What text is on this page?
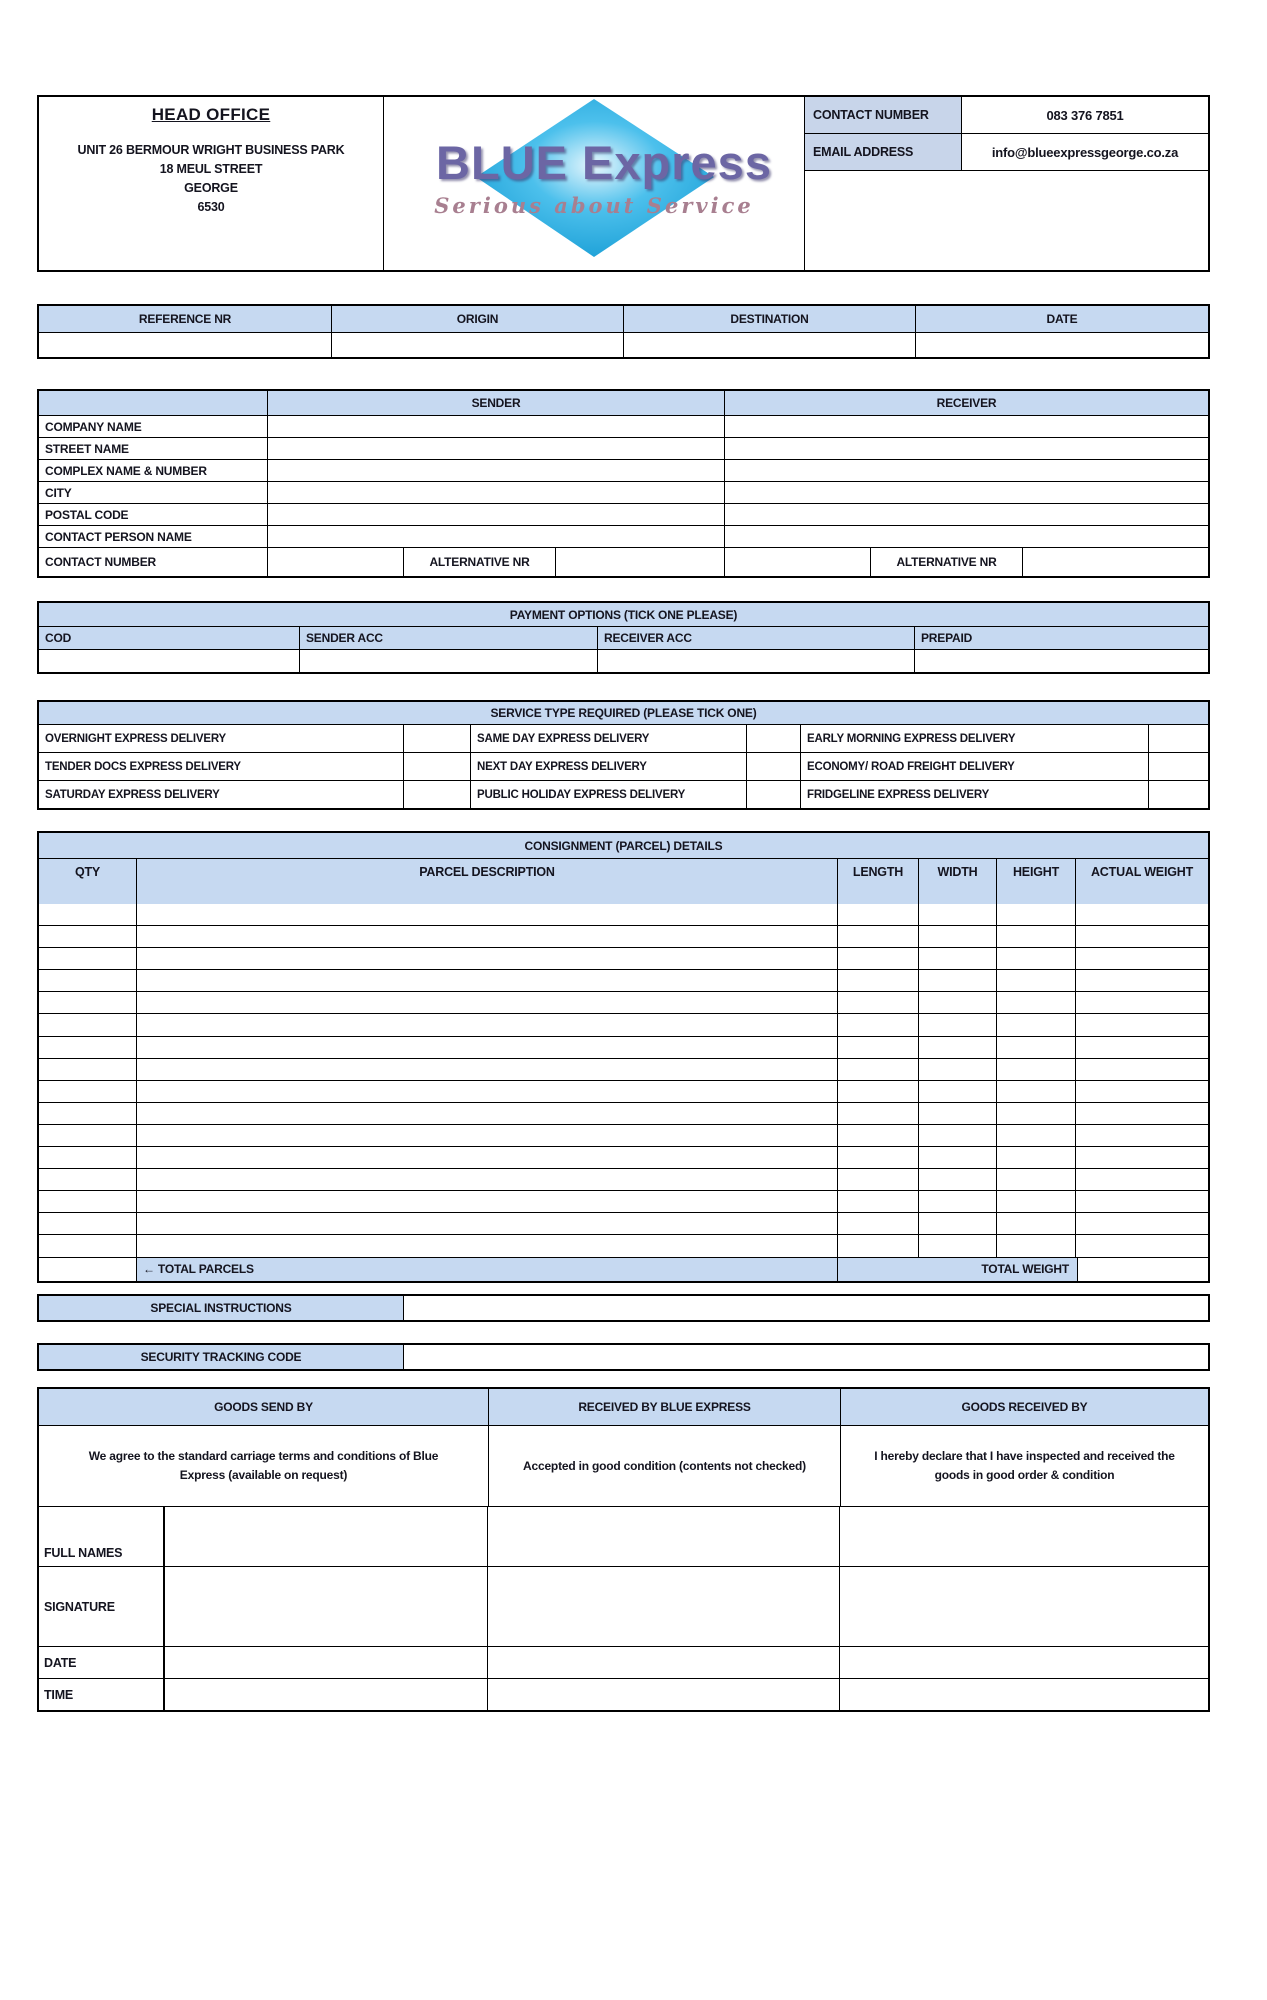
HEAD OFFICE
UNIT 26 BERMOUR WRIGHT BUSINESS PARK
18 MEUL STREET
GEORGE
6530
BLUE Express
Serious about Service
CONTACT NUMBER	083 376 7851
EMAIL ADDRESS	info@blueexpressgeorge.co.za
REFERENCE NR	ORIGIN	DESTINATION	DATE
SENDER	RECEIVER
COMPANY NAME
STREET NAME
COMPLEX NAME & NUMBER
CITY
POSTAL CODE
CONTACT PERSON NAME
CONTACT NUMBER	ALTERNATIVE NR	ALTERNATIVE NR
PAYMENT OPTIONS (TICK ONE PLEASE)
COD	SENDER ACC	RECEIVER ACC	PREPAID
SERVICE TYPE REQUIRED (PLEASE TICK ONE)
OVERNIGHT EXPRESS DELIVERY	SAME DAY EXPRESS DELIVERY	EARLY MORNING EXPRESS DELIVERY
TENDER DOCS EXPRESS DELIVERY	NEXT DAY EXPRESS DELIVERY	ECONOMY/ ROAD FREIGHT DELIVERY
SATURDAY EXPRESS DELIVERY	PUBLIC HOLIDAY EXPRESS DELIVERY	FRIDGELINE EXPRESS DELIVERY
CONSIGNMENT (PARCEL) DETAILS
QTY	PARCEL DESCRIPTION	LENGTH	WIDTH	HEIGHT	ACTUAL WEIGHT
← TOTAL PARCELS	TOTAL WEIGHT
SPECIAL INSTRUCTIONS
SECURITY TRACKING CODE
GOODS SEND BY	RECEIVED BY BLUE EXPRESS	GOODS RECEIVED BY
We agree to the standard carriage terms and conditions of Blue Express (available on request)
Accepted in good condition (contents not checked)
I hereby declare that I have inspected and received the goods in good order & condition
FULL NAMES
SIGNATURE
DATE
TIME
